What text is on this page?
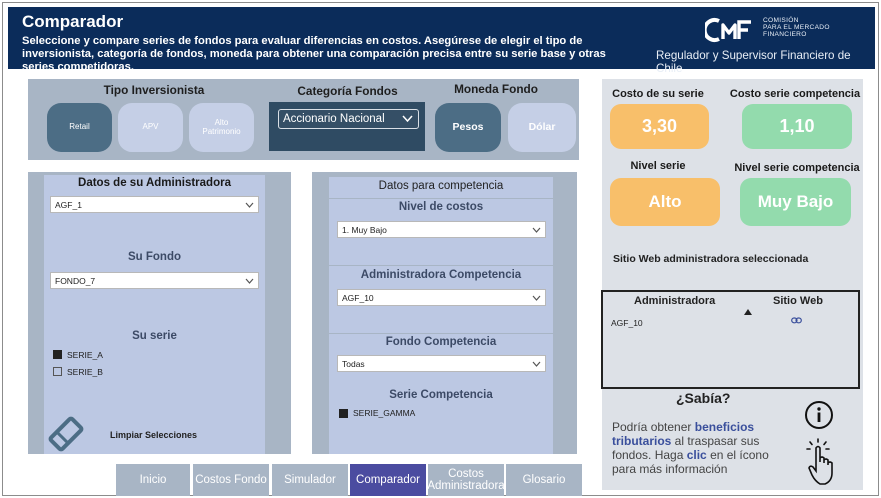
Comparador
Seleccione y compare series de fondos para evaluar diferencias en costos. Asegúrese de elegir el tipo de inversionista, categoría de fondos, moneda para obtener una comparación precisa entre su serie base y otras series competidoras.
COMISIÓN
PARA EL MERCADO
FINANCIERO
Regulador y Supervisor Financiero de Chile
Tipo Inversionista
Retail	APV	Alto Patrimonio
Categoría Fondos
Accionario Nacional
Moneda Fondo
Pesos	Dólar
Datos de su Administradora
AGF_1
Su Fondo
FONDO_7
Su serie
SERIE_A
SERIE_B
Limpiar Selecciones
Datos para competencia
Nivel de costos
1. Muy Bajo
Administradora Competencia
AGF_10
Fondo Competencia
Todas
Serie Competencia
SERIE_GAMMA
Costo de su serie
3,30
Costo serie competencia
1,10
Nivel serie
Alto
Nivel serie competencia
Muy Bajo
Sitio Web administradora seleccionada
Administradora	Sitio Web
AGF_10
¿Sabía?
Podría obtener beneficios tributarios al traspasar sus fondos. Haga clic en el ícono para más información
Inicio	Costos Fondo	Simulador	Comparador	Costos Administradora	Glosario
